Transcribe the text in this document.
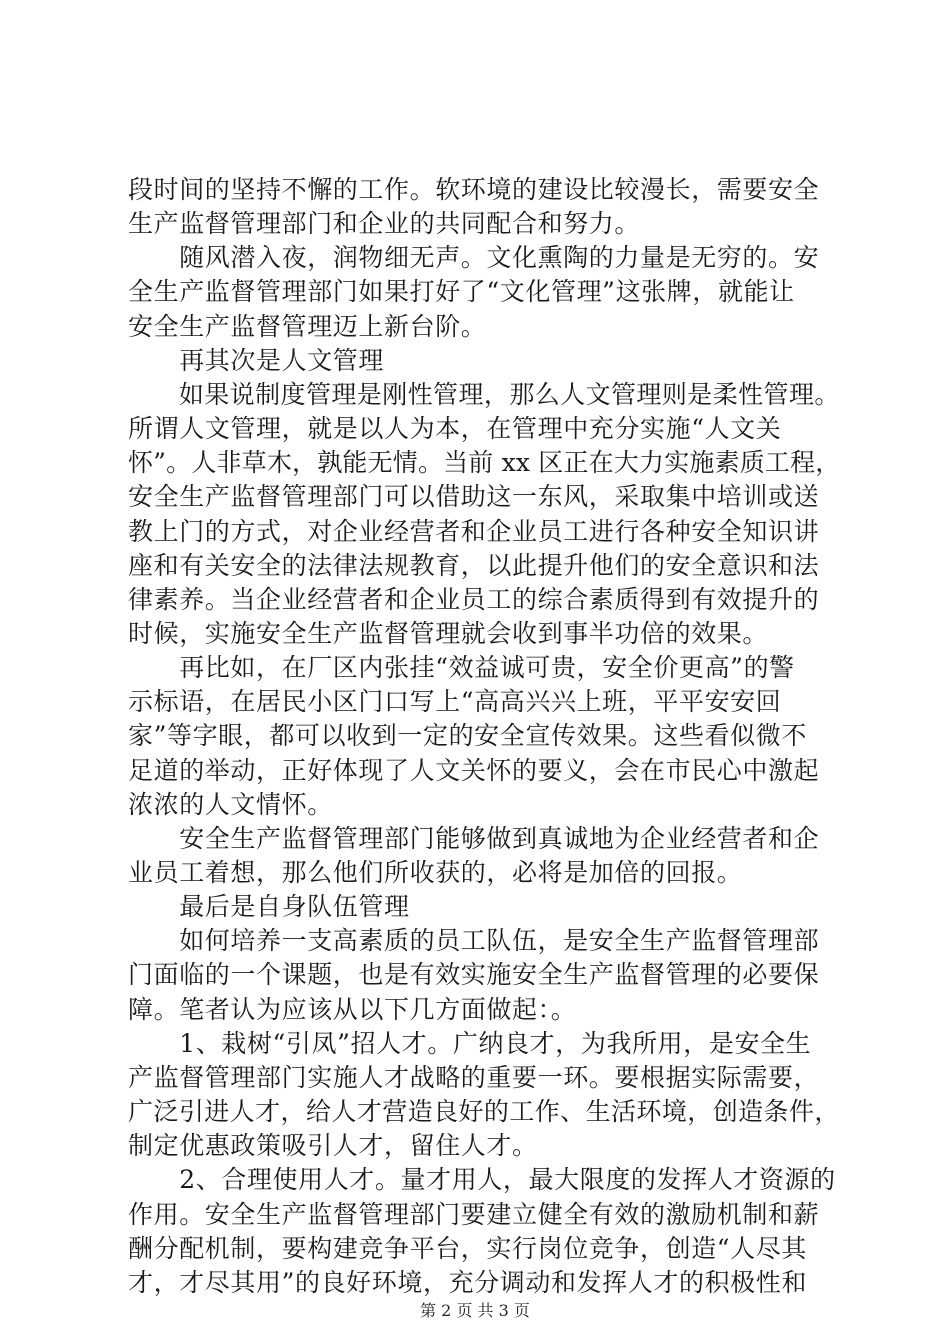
段时间的坚持不懈的工作。软环境的建设比较漫长，需要安全
生产监督管理部门和企业的共同配合和努力。
　　随风潜入夜，润物细无声。文化熏陶的力量是无穷的。安
全生产监督管理部门如果打好了“文化管理”这张牌，就能让
安全生产监督管理迈上新台阶。
　　再其次是人文管理
　　如果说制度管理是刚性管理，那么人文管理则是柔性管理。
所谓人文管理，就是以人为本，在管理中充分实施“人文关
怀”。人非草木，孰能无情。当前 xx 区正在大力实施素质工程，
安全生产监督管理部门可以借助这一东风，采取集中培训或送
教上门的方式，对企业经营者和企业员工进行各种安全知识讲
座和有关安全的法律法规教育，以此提升他们的安全意识和法
律素养。当企业经营者和企业员工的综合素质得到有效提升的
时候，实施安全生产监督管理就会收到事半功倍的效果。
　　再比如，在厂区内张挂“效益诚可贵，安全价更高”的警
示标语，在居民小区门口写上“高高兴兴上班，平平安安回
家”等字眼，都可以收到一定的安全宣传效果。这些看似微不
足道的举动，正好体现了人文关怀的要义，会在市民心中激起
浓浓的人文情怀。
　　安全生产监督管理部门能够做到真诚地为企业经营者和企
业员工着想，那么他们所收获的，必将是加倍的回报。
　　最后是自身队伍管理
　　如何培养一支高素质的员工队伍，是安全生产监督管理部
门面临的一个课题，也是有效实施安全生产监督管理的必要保
障。笔者认为应该从以下几方面做起：。
　　1、栽树“引凤”招人才。广纳良才，为我所用，是安全生
产监督管理部门实施人才战略的重要一环。要根据实际需要，
广泛引进人才，给人才营造良好的工作、生活环境，创造条件，
制定优惠政策吸引人才，留住人才。
　　2、合理使用人才。量才用人，最大限度的发挥人才资源的
作用。安全生产监督管理部门要建立健全有效的激励机制和薪
酬分配机制，要构建竞争平台，实行岗位竞争，创造“人尽其
才，才尽其用”的良好环境，充分调动和发挥人才的积极性和
第 2 页 共 3 页
